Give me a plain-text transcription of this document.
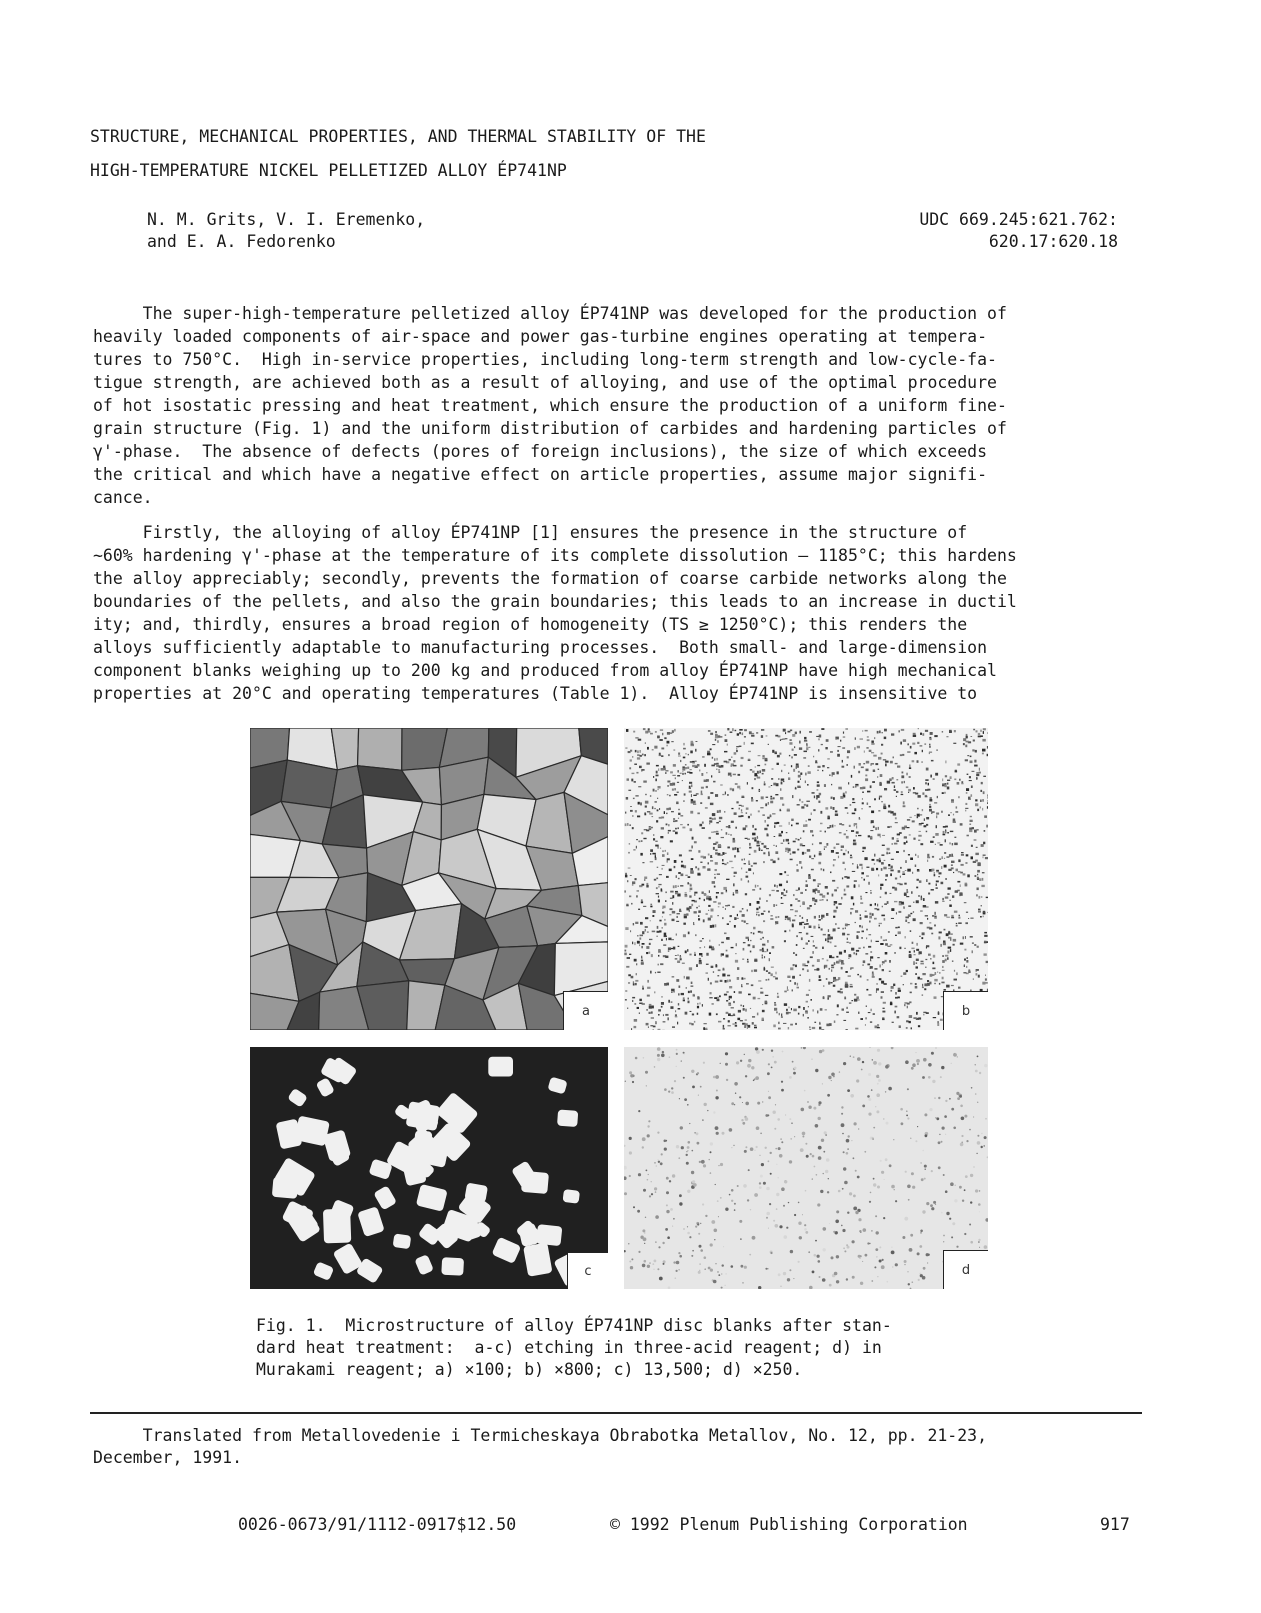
STRUCTURE, MECHANICAL PROPERTIES, AND THERMAL STABILITY OF THE
HIGH-TEMPERATURE NICKEL PELLETIZED ALLOY ÉP741NP
N. M. Grits, V. I. Eremenko,
and E. A. Fedorenko
UDC 669.245:621.762:
620.17:620.18
The super-high-temperature pelletized alloy ÉP741NP was developed for the production of
heavily loaded components of air-space and power gas-turbine engines operating at tempera-
tures to 750°C.  High in-service properties, including long-term strength and low-cycle-fa-
tigue strength, are achieved both as a result of alloying, and use of the optimal procedure
of hot isostatic pressing and heat treatment, which ensure the production of a uniform fine-
grain structure (Fig. 1) and the uniform distribution of carbides and hardening particles of
γ'-phase.  The absence of defects (pores of foreign inclusions), the size of which exceeds
the critical and which have a negative effect on article properties, assume major signifi-
cance.
Firstly, the alloying of alloy ÉP741NP [1] ensures the presence in the structure of
~60% hardening γ'-phase at the temperature of its complete dissolution — 1185°C; this hardens
the alloy appreciably; secondly, prevents the formation of coarse carbide networks along the
boundaries of the pellets, and also the grain boundaries; this leads to an increase in ductil
ity; and, thirdly, ensures a broad region of homogeneity (TS ≥ 1250°C); this renders the
alloys sufficiently adaptable to manufacturing processes.  Both small- and large-dimension
component blanks weighing up to 200 kg and produced from alloy ÉP741NP have high mechanical
properties at 20°C and operating temperatures (Table 1).  Alloy ÉP741NP is insensitive to
a	b
c	d
Fig. 1.  Microstructure of alloy ÉP741NP disc blanks after stan-
dard heat treatment:  a-c) etching in three-acid reagent; d) in
Murakami reagent; a) ×100; b) ×800; c) 13,500; d) ×250.
Translated from Metallovedenie i Termicheskaya Obrabotka Metallov, No. 12, pp. 21-23,
December, 1991.
0026-0673/91/1112-0917$12.50	© 1992 Plenum Publishing Corporation	917
